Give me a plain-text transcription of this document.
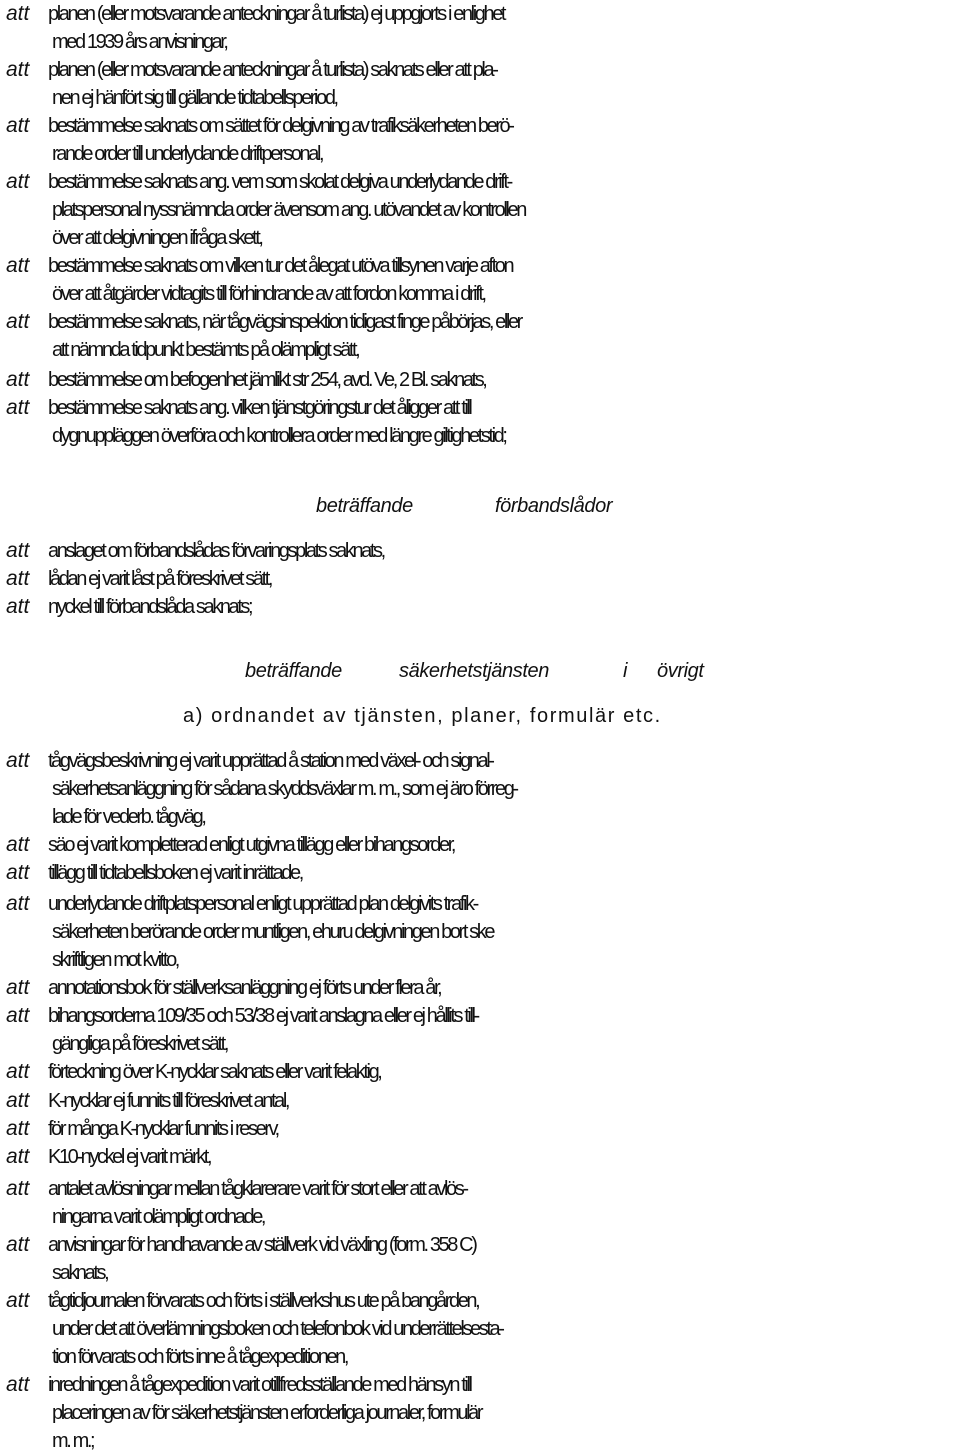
att planen (eller motsvarande anteckningar å turlista) ej uppgjorts i enlighet
med 1939 års anvisningar,
att planen (eller motsvarande anteckningar å turlista) saknats eller att pla-
nen ej hänfört sig till gällande tidtabellsperiod,
att bestämmelse saknats om sättet för delgivning av trafiksäkerheten berö-
rande order till underlydande driftpersonal,
att bestämmelse saknats ang. vem som skolat delgiva underlydande drift-
platspersonal nyssnämnda order ävensom ang. utövandet av kontrollen
över att delgivningen ifråga skett,
att bestämmelse saknats om vilken tur det ålegat utöva tillsynen varje afton
över att åtgärder vidtagits till förhindrande av att fordon komma i drift,
att bestämmelse saknats, när tågvägsinspektion tidigast finge påbörjas, eller
att nämnda tidpunkt bestämts på olämpligt sätt,
att bestämmelse om befogenhet jämlikt str 254, avd. Ve, 2 Bl. saknats,
att bestämmelse saknats ang. vilken tjänstgöringstur det åligger att till
dygnuppläggen överföra och kontrollera order med längre giltighetstid;
beträffande	förbandslådor
att anslaget om förbandslådas förvaringsplats saknats,
att lådan ej varit låst på föreskrivet sätt,
att nyckel till förbandslåda saknats;
beträffande	säkerhetstjänsten	i övrigt
a) ordnandet av tjänsten, planer, formulär etc.
att tågvägsbeskrivning ej varit upprättad å station med växel- och signal-
säkerhetsanläggning för sådana skyddsväxlar m. m., som ej äro förreg-
lade för vederb. tågväg,
att säo ej varit kompletterad enligt utgivna tillägg eller bihangsorder,
att tillägg till tidtabellsboken ej varit inrättade,
att underlydande driftplatspersonal enligt upprättad plan delgivits trafik-
säkerheten berörande order muntligen, ehuru delgivningen bort ske
skriftligen mot kvitto,
att annotationsbok för ställverksanläggning ej förts under flera år,
att bihangsorderna 109/35 och 53/38 ej varit anslagna eller ej hållits till-
gängliga på föreskrivet sätt,
att förteckning över K-nycklar saknats eller varit felaktig,
att K-nycklar ej funnits till föreskrivet antal,
att för många K-nycklar funnits i reserv,
att K10-nyckel ej varit märkt,
att antalet avlösningar mellan tågklarerare varit för stort eller att avlös-
ningarna varit olämpligt ordnade,
att anvisningar för handhavande av ställverk vid växling (form. 358 C)
saknats,
att tågtidjournalen förvarats och förts i ställverkshus ute på bangården,
under det att överlämningsboken och telefonbok vid underrättelsesta-
tion förvarats och förts inne å tågexpeditionen,
att inredningen å tågexpedition varit otillfredsställande med hänsyn till
placeringen av för säkerhetstjänsten erforderliga journaler, formulär
m. m.;
